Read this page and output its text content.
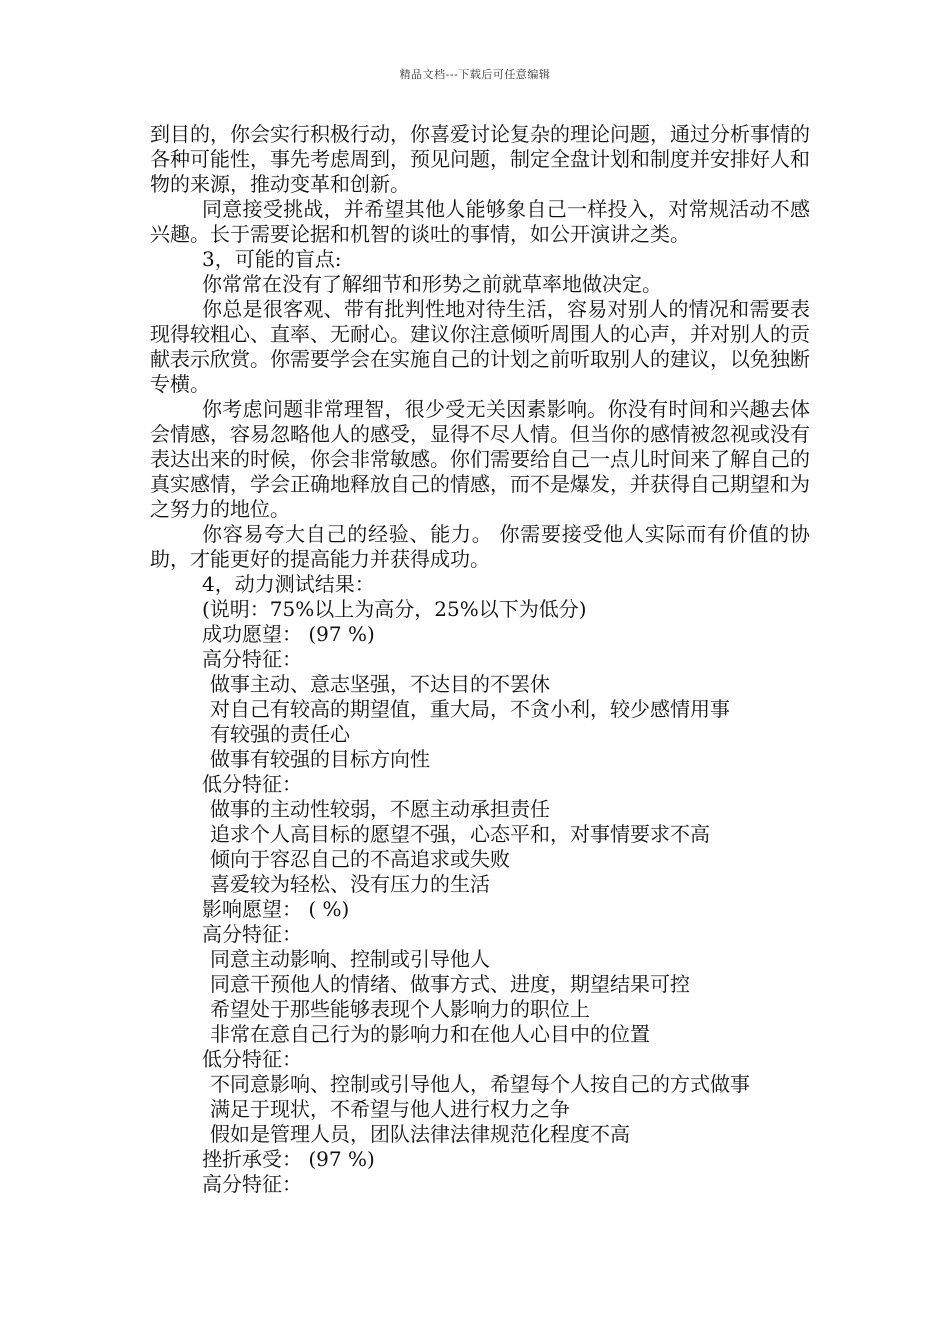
精品文档---下载后可任意编辑

到目的，你会实行积极行动，你喜爱讨论复杂的理论问题，通过分析事情的各种可能性，事先考虑周到，预见问题，制定全盘计划和制度并安排好人和物的来源，推动变革和创新。

同意接受挑战，并希望其他人能够象自己一样投入，对常规活动不感兴趣。长于需要论据和机智的谈吐的事情，如公开演讲之类。

3，可能的盲点:

你常常在没有了解细节和形势之前就草率地做决定。

你总是很客观、带有批判性地对待生活，容易对别人的情况和需要表现得较粗心、直率、无耐心。建议你注意倾听周围人的心声，并对别人的贡献表示欣赏。你需要学会在实施自己的计划之前听取别人的建议，以免独断专横。

你考虑问题非常理智，很少受无关因素影响。你没有时间和兴趣去体会情感，容易忽略他人的感受，显得不尽人情。但当你的感情被忽视或没有表达出来的时候，你会非常敏感。你们需要给自己一点儿时间来了解自己的真实感情，学会正确地释放自己的情感，而不是爆发，并获得自己期望和为之努力的地位。

你容易夸大自己的经验、能力。 你需要接受他人实际而有价值的协助，才能更好的提高能力并获得成功。

4，动力测试结果：

(说明：75%以上为高分，25%以下为低分)

成功愿望： (97 %)

高分特征：

做事主动、意志坚强，不达目的不罢休

对自己有较高的期望值，重大局，不贪小利，较少感情用事

有较强的责任心

做事有较强的目标方向性

低分特征：

做事的主动性较弱，不愿主动承担责任

追求个人高目标的愿望不强，心态平和，对事情要求不高

倾向于容忍自己的不高追求或失败

喜爱较为轻松、没有压力的生活

影响愿望： ( %)

高分特征：

同意主动影响、控制或引导他人

同意干预他人的情绪、做事方式、进度，期望结果可控

希望处于那些能够表现个人影响力的职位上

非常在意自己行为的影响力和在他人心目中的位置

低分特征：

不同意影响、控制或引导他人，希望每个人按自己的方式做事

满足于现状，不希望与他人进行权力之争

假如是管理人员，团队法律法律规范化程度不高

挫折承受： (97 %)

高分特征：
